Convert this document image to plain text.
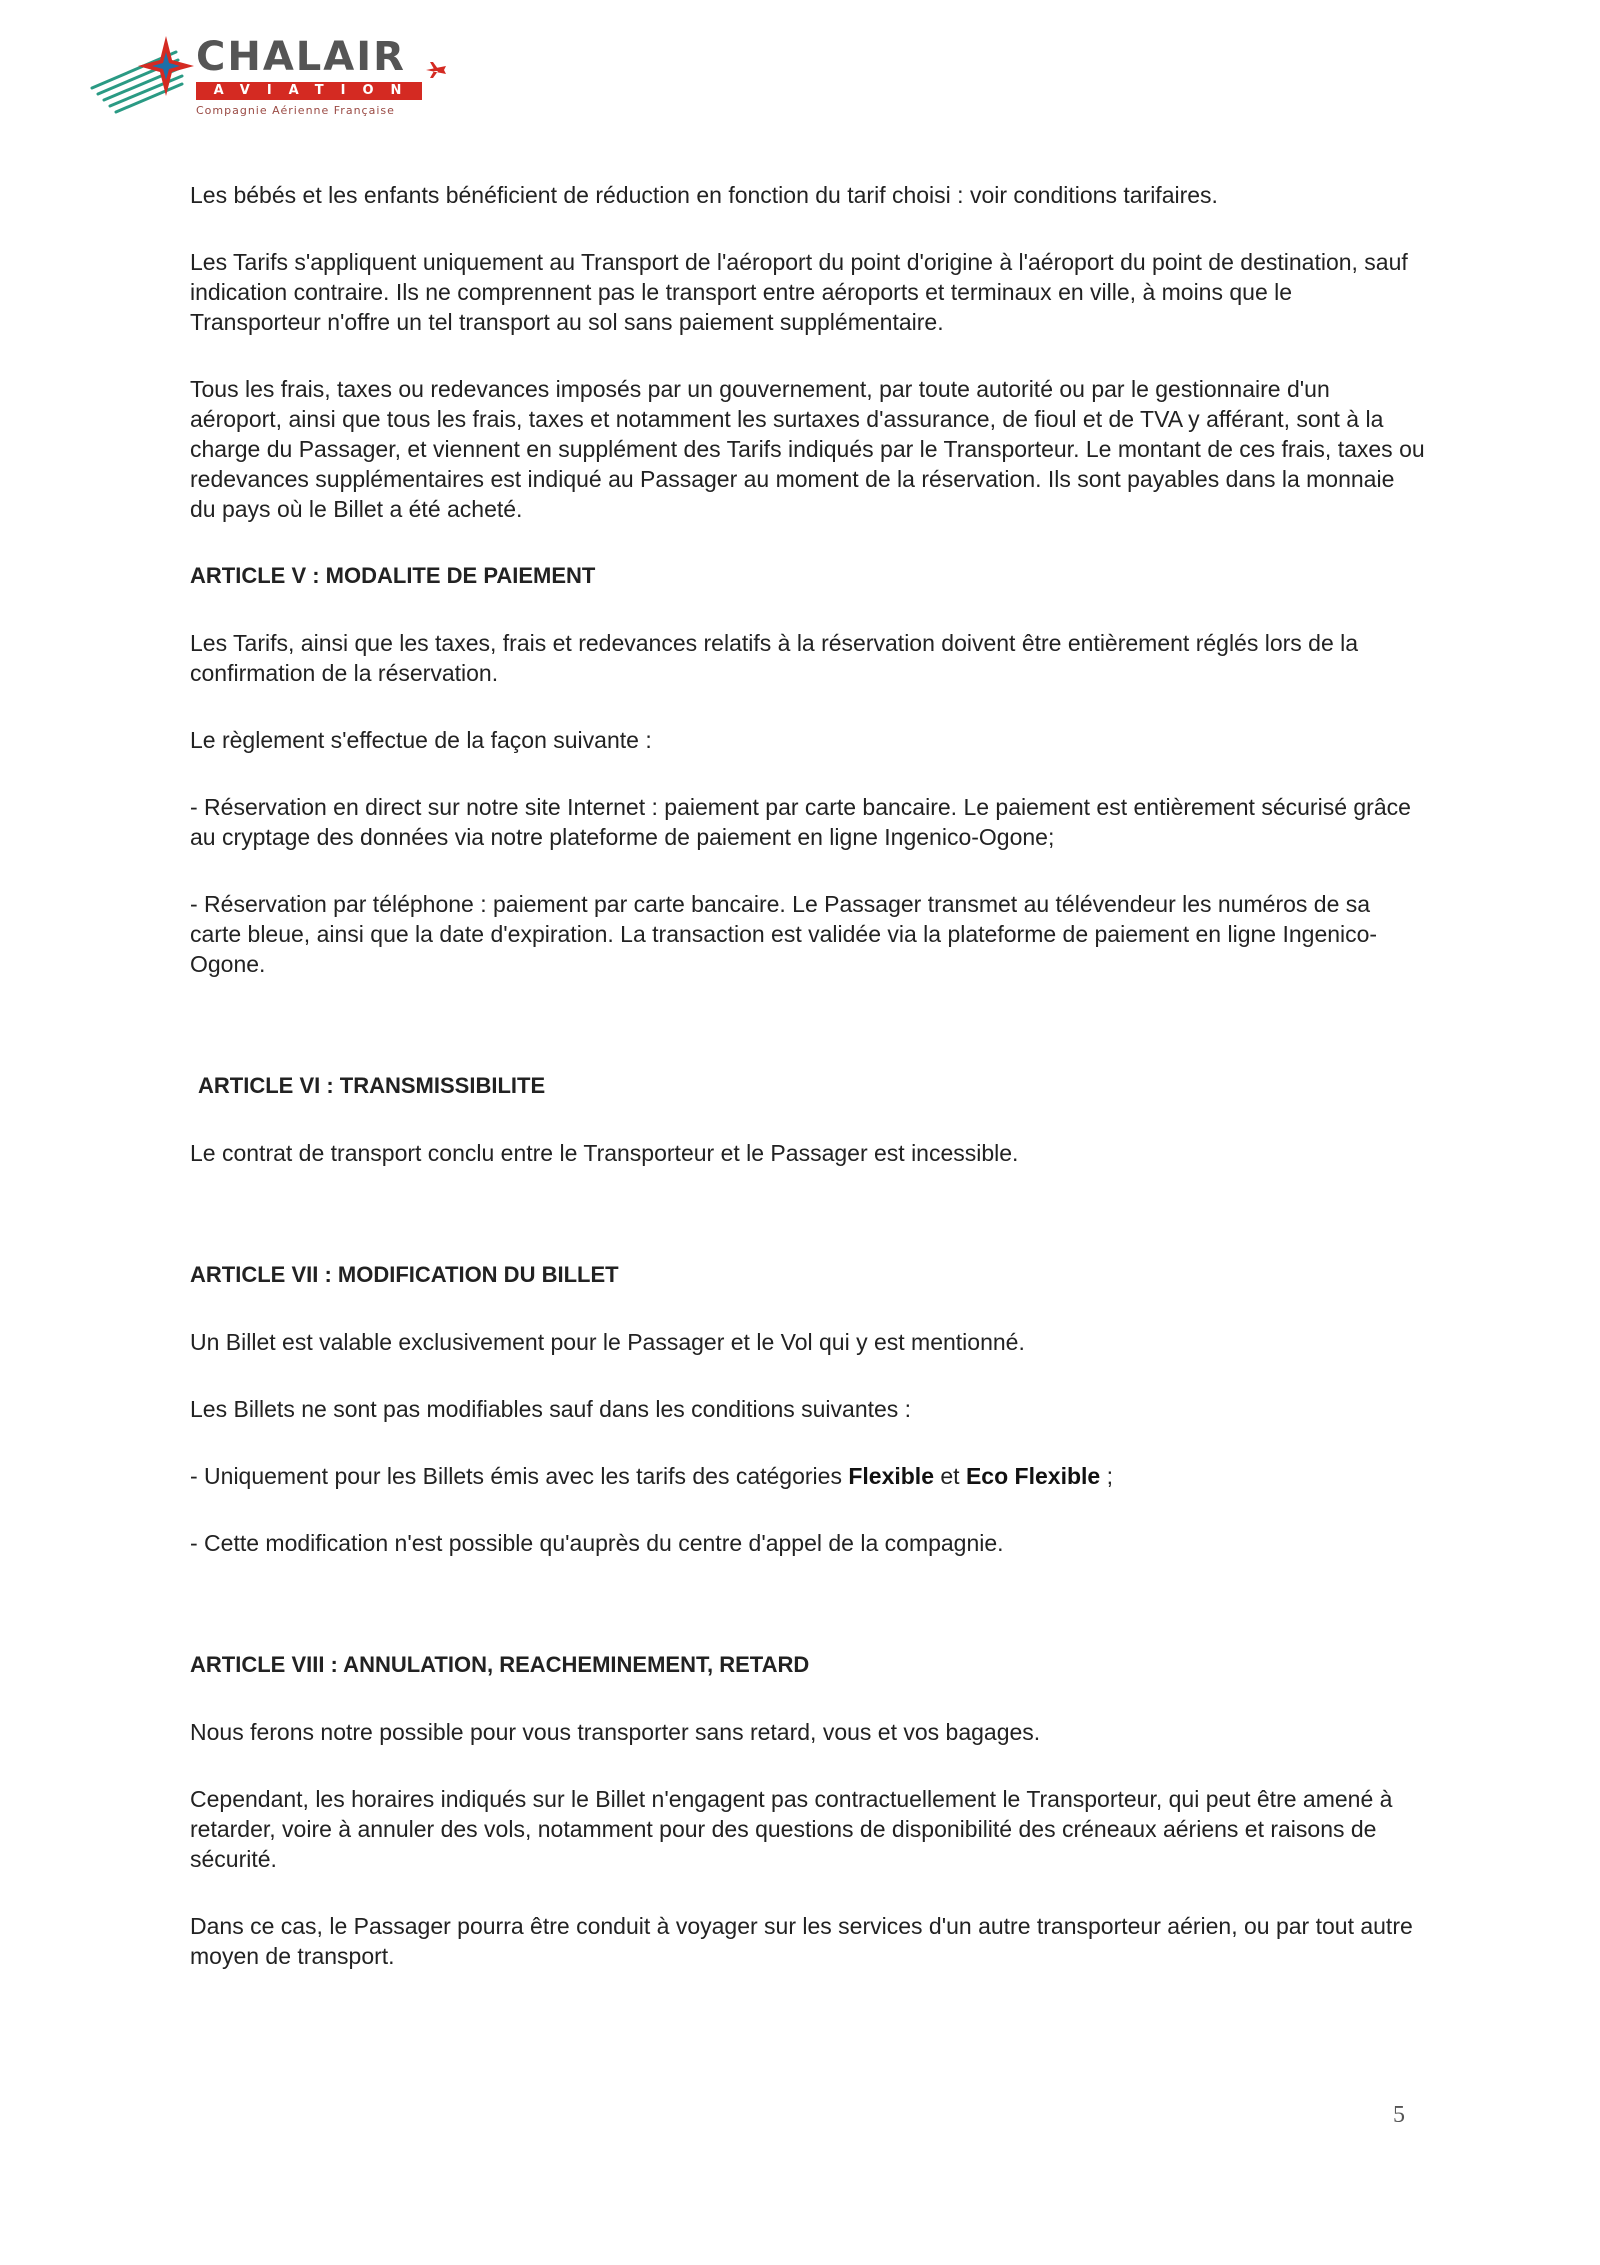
CHALAIR
AVIATION
Compagnie Aérienne Française

Les bébés et les enfants bénéficient de réduction en fonction du tarif choisi : voir conditions tarifaires.

Les Tarifs s'appliquent uniquement au Transport de l'aéroport du point d'origine à l'aéroport du point de destination, sauf indication contraire. Ils ne comprennent pas le transport entre aéroports et terminaux en ville, à moins que le Transporteur n'offre un tel transport au sol sans paiement supplémentaire.

Tous les frais, taxes ou redevances imposés par un gouvernement, par toute autorité ou par le gestionnaire d'un aéroport, ainsi que tous les frais, taxes et notamment les surtaxes d'assurance, de fioul et de TVA y afférant, sont à la charge du Passager, et viennent en supplément des Tarifs indiqués par le Transporteur. Le montant de ces frais, taxes ou redevances supplémentaires est indiqué au Passager au moment de la réservation. Ils sont payables dans la monnaie du pays où le Billet a été acheté.

ARTICLE V : MODALITE DE PAIEMENT

Les Tarifs, ainsi que les taxes, frais et redevances relatifs à la réservation doivent être entièrement réglés lors de la confirmation de la réservation.

Le règlement s'effectue de la façon suivante :

- Réservation en direct sur notre site Internet : paiement par carte bancaire. Le paiement est entièrement sécurisé grâce au cryptage des données via notre plateforme de paiement en ligne Ingenico-Ogone;

- Réservation par téléphone : paiement par carte bancaire. Le Passager transmet au télévendeur les numéros de sa carte bleue, ainsi que la date d'expiration. La transaction est validée via la plateforme de paiement en ligne Ingenico-Ogone.

ARTICLE VI : TRANSMISSIBILITE

Le contrat de transport conclu entre le Transporteur et le Passager est incessible.

ARTICLE VII : MODIFICATION DU BILLET

Un Billet est valable exclusivement pour le Passager et le Vol qui y est mentionné.

Les Billets ne sont pas modifiables sauf dans les conditions suivantes :

- Uniquement pour les Billets émis avec les tarifs des catégories Flexible et Eco Flexible ;

- Cette modification n'est possible qu'auprès du centre d'appel de la compagnie.

ARTICLE VIII : ANNULATION, REACHEMINEMENT, RETARD

Nous ferons notre possible pour vous transporter sans retard, vous et vos bagages.

Cependant, les horaires indiqués sur le Billet n'engagent pas contractuellement le Transporteur, qui peut être amené à retarder, voire à annuler des vols, notamment pour des questions de disponibilité des créneaux aériens et raisons de sécurité.

Dans ce cas, le Passager pourra être conduit à voyager sur les services d'un autre transporteur aérien, ou par tout autre moyen de transport.

5
